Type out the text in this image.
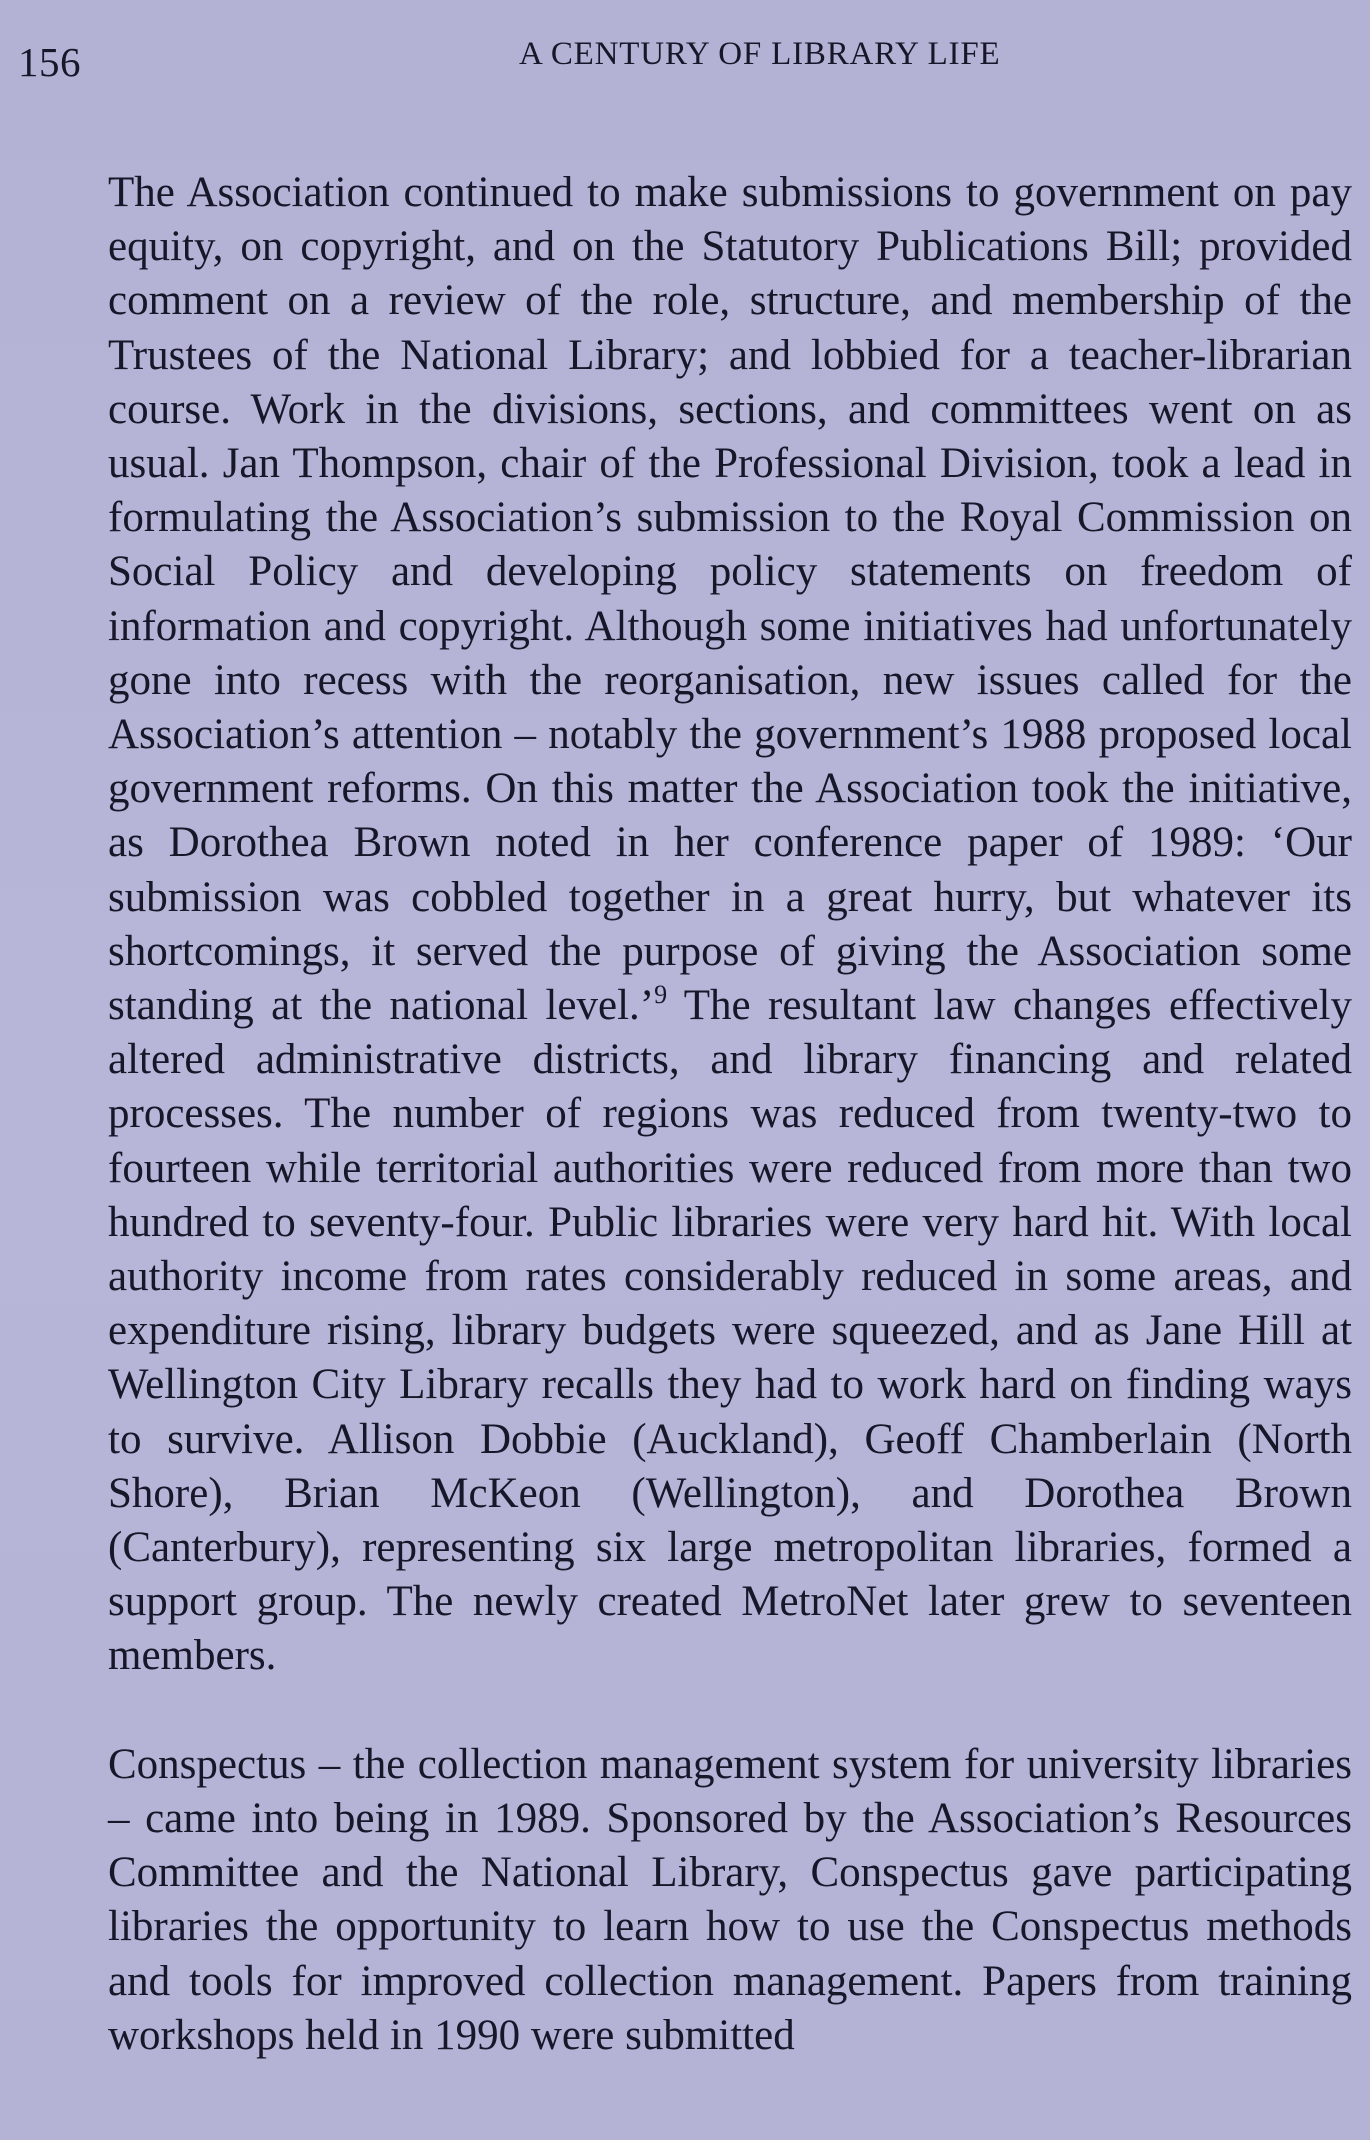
156	A CENTURY OF LIBRARY LIFE

The Association continued to make submissions to government on pay equity, on copyright, and on the Statutory Publications Bill; provided comment on a review of the role, structure, and membership of the Trustees of the National Library; and lobbied for a teacher-librarian course. Work in the divisions, sections, and committees went on as usual. Jan Thompson, chair of the Professional Division, took a lead in formulating the Association’s submission to the Royal Commission on Social Policy and developing policy statements on freedom of information and copyright. Although some initiatives had unfortunately gone into recess with the reorganisation, new issues called for the Association’s attention – notably the government’s 1988 proposed local government reforms. On this matter the Association took the initiative, as Dorothea Brown noted in her conference paper of 1989: ‘Our submission was cobbled together in a great hurry, but whatever its shortcomings, it served the purpose of giving the Association some standing at the national level.’$^9$ The resultant law changes effectively altered administrative districts, and library financing and related processes. The number of regions was reduced from twenty-two to fourteen while territorial authorities were reduced from more than two hundred to seventy-four. Public libraries were very hard hit. With local authority income from rates considerably reduced in some areas, and expenditure rising, library budgets were squeezed, and as Jane Hill at Wellington City Library recalls they had to work hard on finding ways to survive. Allison Dobbie (Auckland), Geoff Chamberlain (North Shore), Brian McKeon (Wellington), and Dorothea Brown (Canterbury), representing six large metropolitan libraries, formed a support group. The newly created MetroNet later grew to seventeen members.

Conspectus – the collection management system for university libraries – came into being in 1989. Sponsored by the Association’s Resources Committee and the National Library, Conspectus gave participating libraries the opportunity to learn how to use the Conspectus methods and tools for improved collection management. Papers from training workshops held in 1990 were submitted
